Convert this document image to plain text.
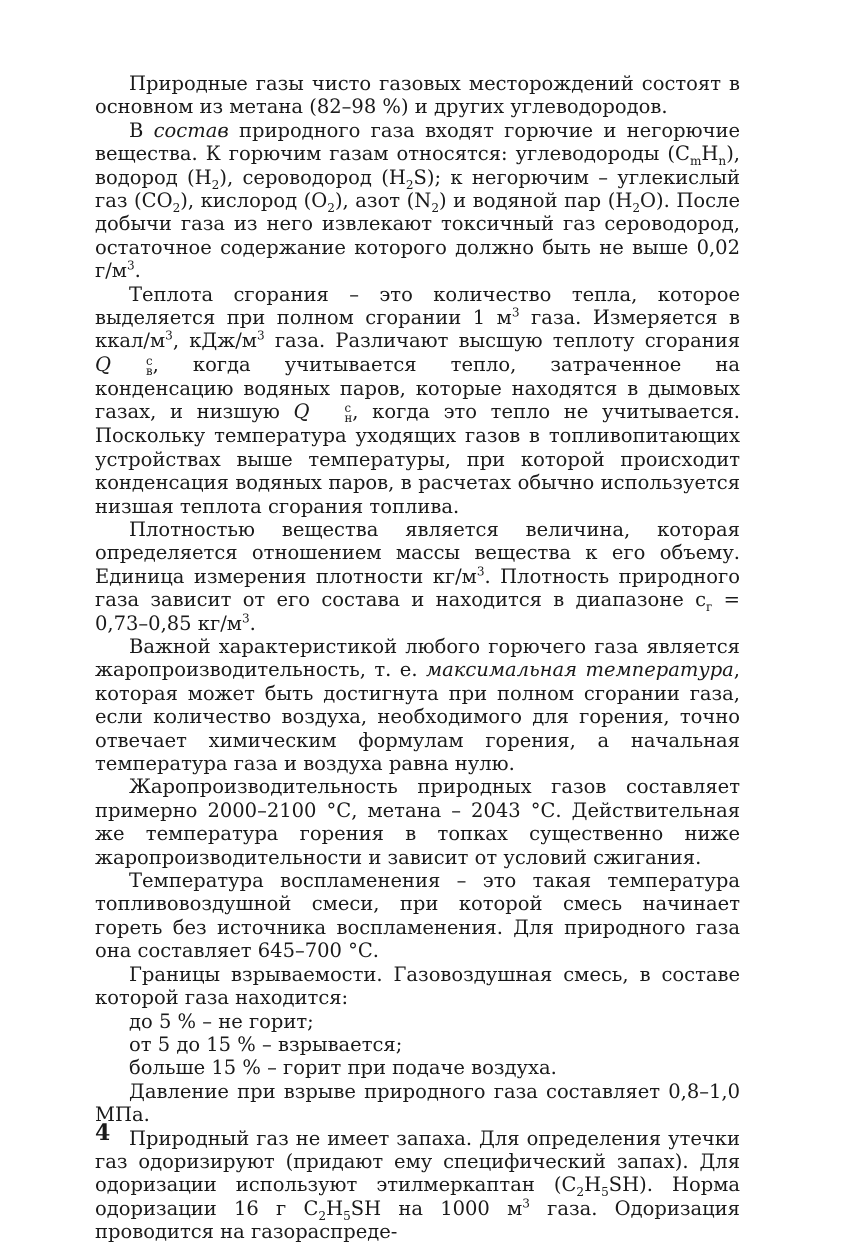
Природные газы чисто газовых месторождений состоят в основном из метана (82–98 %) и других углеводородов.

В состав природного газа входят горючие и негорючие вещества. К горючим газам относятся: углеводороды $(C_mH_n)$, водород $(H_2)$, сероводород $(H_2S)$; к негорючим – углекислый газ $(CO_2)$, кислород $(O_2)$, азот $(N_2)$ и водяной пар $(H_2O)$. После добычи газа из него извлекают токсичный газ сероводород, остаточное содержание которого должно быть не выше 0,02 $г/м^3$.

Теплота сгорания – это количество тепла, которое выделяется при полном сгорании 1 $м^3$ газа. Измеряется в ккал/$м^3$, кДж/$м^3$ газа. Различают высшую теплоту сгорания Q	с
в , когда учитывается тепло, затраченное на конденсацию водяных паров, которые находятся в дымовых газах, и низшую Q	с
н , когда это тепло не учитывается. Поскольку температура уходящих газов в топливопитающих устройствах выше температуры, при которой происходит конденсация водяных паров, в расчетах обычно используется низшая теплота сгорания топлива.

Плотностью вещества является величина, которая определяется отношением массы вещества к его объему. Единица измерения плотности $кг/м^3$. Плотность природного газа зависит от его состава и находится в диапазоне $c_г = 0,73-0,85$ $кг/м^3$.

Важной характеристикой любого горючего газа является жаропроизводительность, т. е. максимальная температура, которая может быть достигнута при полном сгорании газа, если количество воздуха, необходимого для горения, точно отвечает химическим формулам горения, а начальная температура газа и воздуха равна нулю.

Жаропроизводительность природных газов составляет примерно 2000–2100 °С, метана – 2043 °С. Действительная же температура горения в топках существенно ниже жаропроизводительности и зависит от условий сжигания.

Температура воспламенения – это такая температура топливовоздушной смеси, при которой смесь начинает гореть без источника воспламенения. Для природного газа она составляет 645–700 °С.

Границы взрываемости. Газовоздушная смесь, в составе которой газа находится:

до 5 % – не горит;

от 5 до 15 % – взрывается;

больше 15 % – горит при подаче воздуха.

Давление при взрыве природного газа составляет 0,8–1,0 МПа.

Природный газ не имеет запаха. Для определения утечки газ одоризируют (придают ему специфический запах). Для одоризации используют этилмеркаптан $(C_2H_5SH)$. Норма одоризации 16 г $C_2H_5SH$ на 1000 $м^3$ газа. Одоризация проводится на газораспреде-

4
